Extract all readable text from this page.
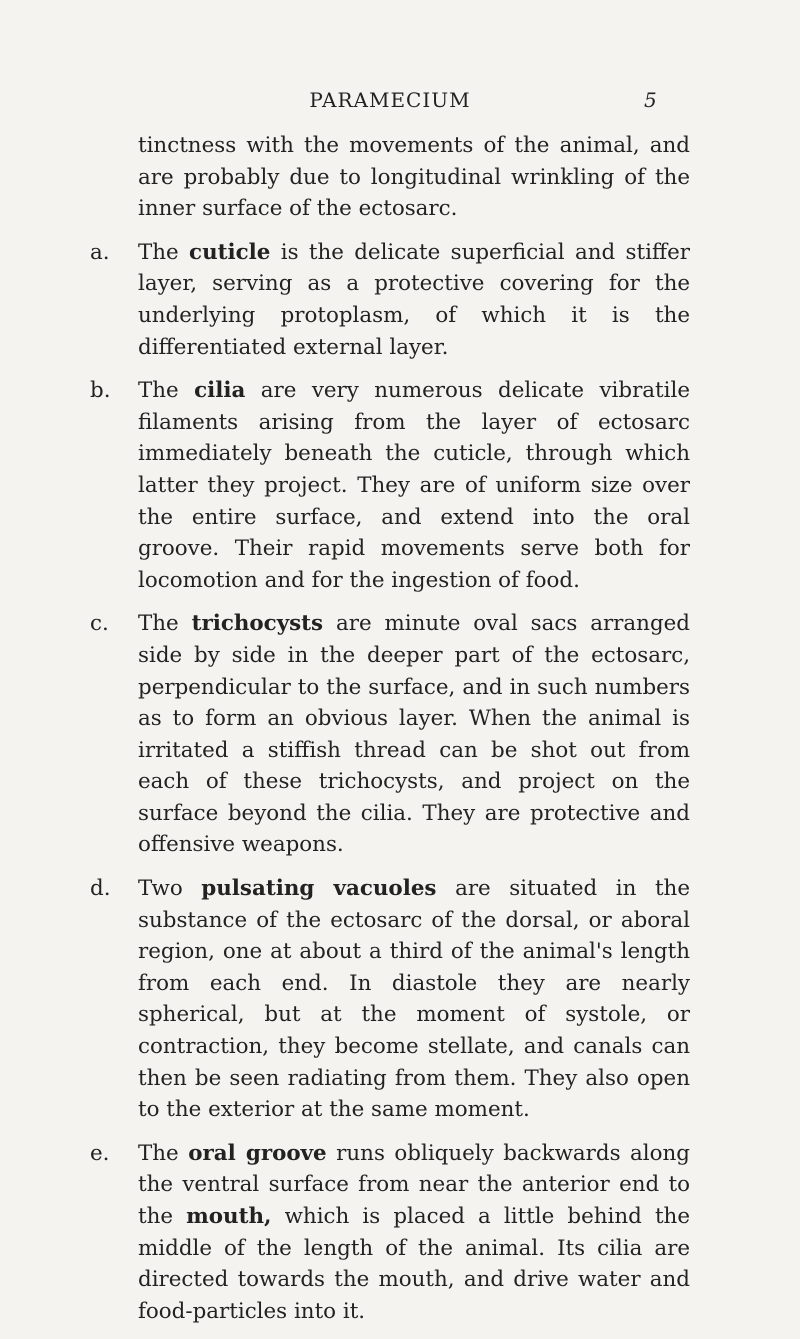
PARAMECIUM	5

tinctness with the movements of the animal, and are probably due to longitudinal wrinkling of the inner surface of the ectosarc.

a. The cuticle is the delicate superficial and stiffer layer, serving as a protective covering for the underlying protoplasm, of which it is the differentiated external layer.

b. The cilia are very numerous delicate vibratile filaments arising from the layer of ectosarc immediately beneath the cuticle, through which latter they project. They are of uniform size over the entire surface, and extend into the oral groove. Their rapid movements serve both for locomotion and for the ingestion of food.

c. The trichocysts are minute oval sacs arranged side by side in the deeper part of the ectosarc, perpendicular to the surface, and in such numbers as to form an obvious layer. When the animal is irritated a stiffish thread can be shot out from each of these trichocysts, and project on the surface beyond the cilia. They are protective and offensive weapons.

d. Two pulsating vacuoles are situated in the substance of the ectosarc of the dorsal, or aboral region, one at about a third of the animal's length from each end. In diastole they are nearly spherical, but at the moment of systole, or contraction, they become stellate, and canals can then be seen radiating from them. They also open to the exterior at the same moment.

e. The oral groove runs obliquely backwards along the ventral surface from near the anterior end to the mouth, which is placed a little behind the middle of the length of the animal. Its cilia are directed towards the mouth, and drive water and food-particles into it.
